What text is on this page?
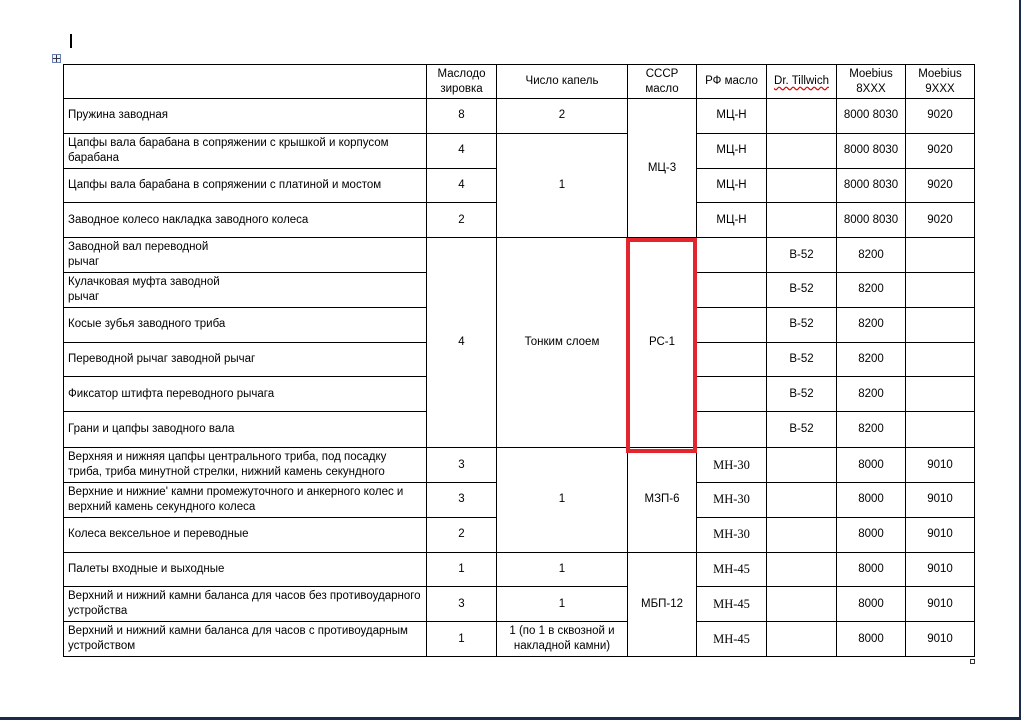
	Маслодо зировка	Число капель	СССР масло	РФ масло	Dr. Tillwich	Moebius 8XXX	Moebius 9XXX
Пружина заводная	8	2	МЦ-3	МЦ-Н		8000 8030	9020
Цапфы вала барабана в сопряжении с крышкой и корпусом барабана	4	1		МЦ-Н		8000 8030	9020
Цапфы вала барабана в сопряжении с платиной и мостом	4			МЦ-Н		8000 8030	9020
Заводное колесо накладка заводного колеса	2			МЦ-Н		8000 8030	9020

Заводной вал переводной рычаг	4	Тонким слоем	РС-1		B-52	8200	

Кулачковая муфта заводной рычаг					B-52	8200	
Косые зубья заводного триба					B-52	8200	
Переводной рычаг заводной рычаг					B-52	8200	
Фиксатор штифта переводного рычага					B-52	8200	
Грани и цапфы заводного вала					B-52	8200	
Верхняя и нижняя цапфы центрального триба, под посадку триба, триба минутной стрелки, нижний камень секундного	3	1	МЗП-6	МН-30		8000	9010
Верхние и нижние' камни промежуточного и анкерного колес и верхний камень секундного колеса	3			МН-30		8000	9010
Колеса вексельное и переводные	2			МН-30		8000	9010
Палеты входные и выходные	1	1	МБП-12	МН-45		8000	9010
Верхний и нижний камни баланса для часов без противоударного устройства	3	1		МН-45		8000	9010
Верхний и нижний камни баланса для часов с противоударным устройством	1	1 (по 1 в сквозной и накладной камни)		МН-45		8000	9010
